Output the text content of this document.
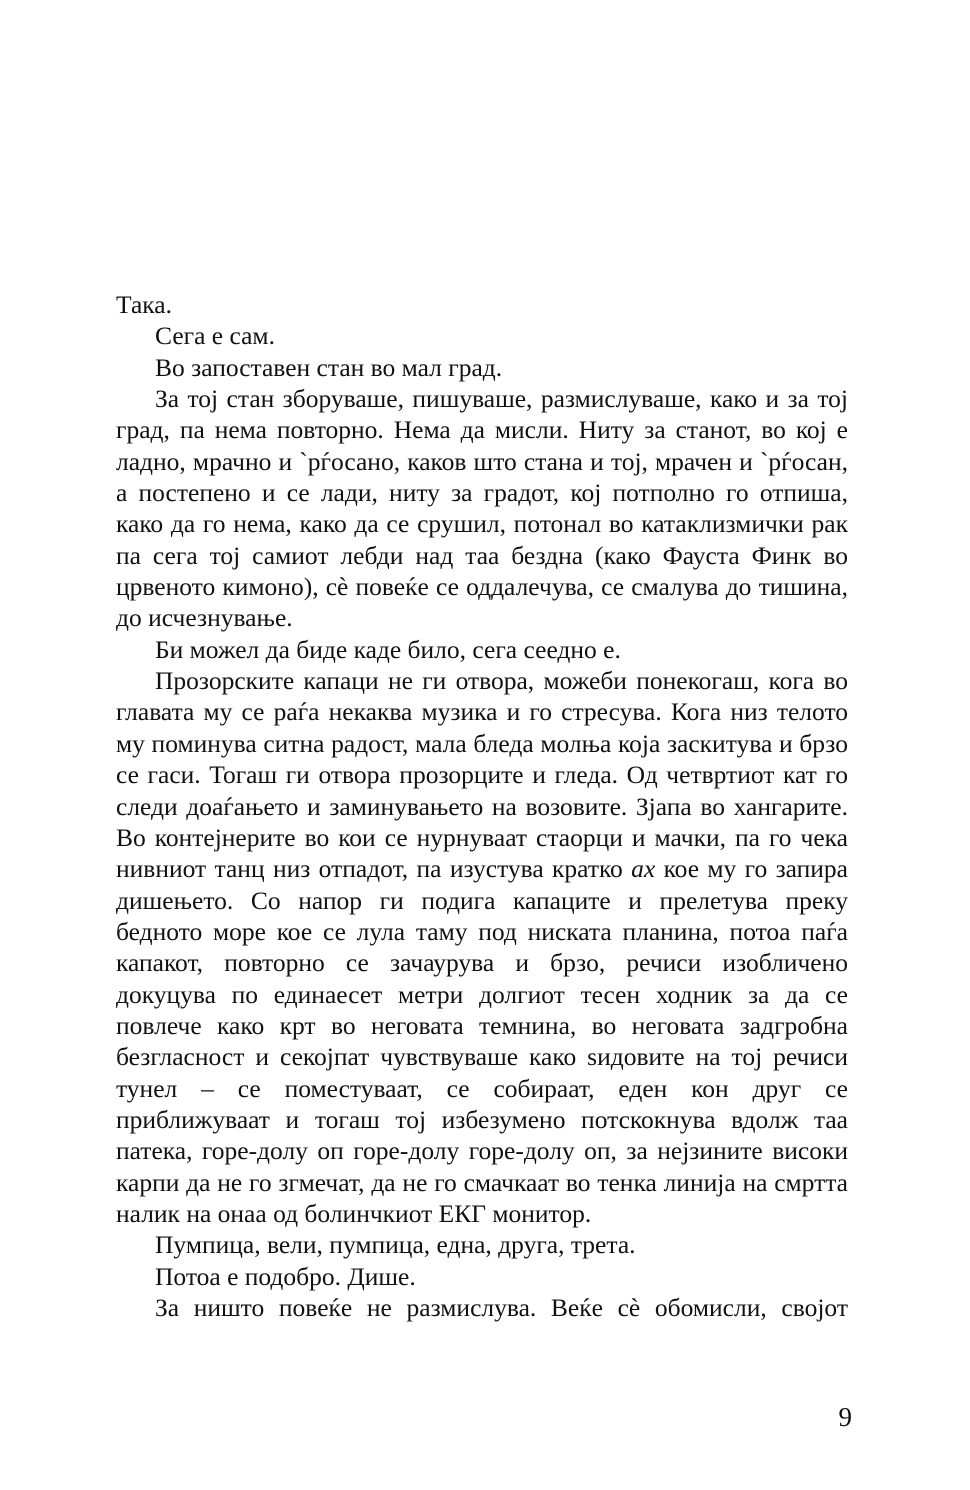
Така.

Сега е сам.

Во запоставен стан во мал град.

За тој стан зборуваше, пишуваше, размислуваше, како и за тој град, па нема повторно. Нема да мисли. Ниту за станот, во кој е ладно, мрачно и `рѓосано, каков што стана и тој, мрачен и `рѓосан, а постепено и се лади, ниту за градот, кој потполно го отпиша, како да го нема, како да се срушил, потонал во катаклизмички рак па сега тој самиот лебди над таа бездна (како Фауста Финк во црвеното кимоно), сè повеќе се оддалечува, се смалува до тишина, до исчезнување.

Би можел да биде каде било, сега сеедно е.

Прозорските капаци не ги отвора, можеби понекогаш, кога во главата му се раѓа некаква музика и го стресува. Кога низ телото му поминува ситна радост, мала бледа молња која заскитува и брзо се гаси. Тогаш ги отвора прозорците и гледа. Од четвртиот кат го следи доаѓањето и заминувањето на возовите. Зјапа во хангарите. Во контејнерите во кои се нурнуваат стаорци и мачки, па го чека нивниот танц низ отпадот, па изустува кратко ах кое му го запира дишењето. Со напор ги подига капаците и прелетува преку бедното море кое се лула таму под ниската планина, потоа паѓа капакот, повторно се зачаурува и брзо, речиси изобличено докуцува по единаесет метри долгиот тесен ходник за да се повлече како крт во неговата темнина, во неговата задгробна безгласност и секојпат чувствуваше како ѕидовите на тој речиси тунел – се поместуваат, се собираат, еден кон друг се приближуваат и тогаш тој избезумено потскокнува вдолж таа патека, горе-долу оп горе-долу горе-долу оп, за нејзините високи карпи да не го згмечат, да не го смачкаат во тенка линија на смртта налик на онаа од болинчкиот ЕКГ монитор.

Пумпица, вели, пумпица, една, друга, трета.

Потоа е подобро. Дише.

За ништо повеќе не размислува. Веќе сè обомисли, својот

9
